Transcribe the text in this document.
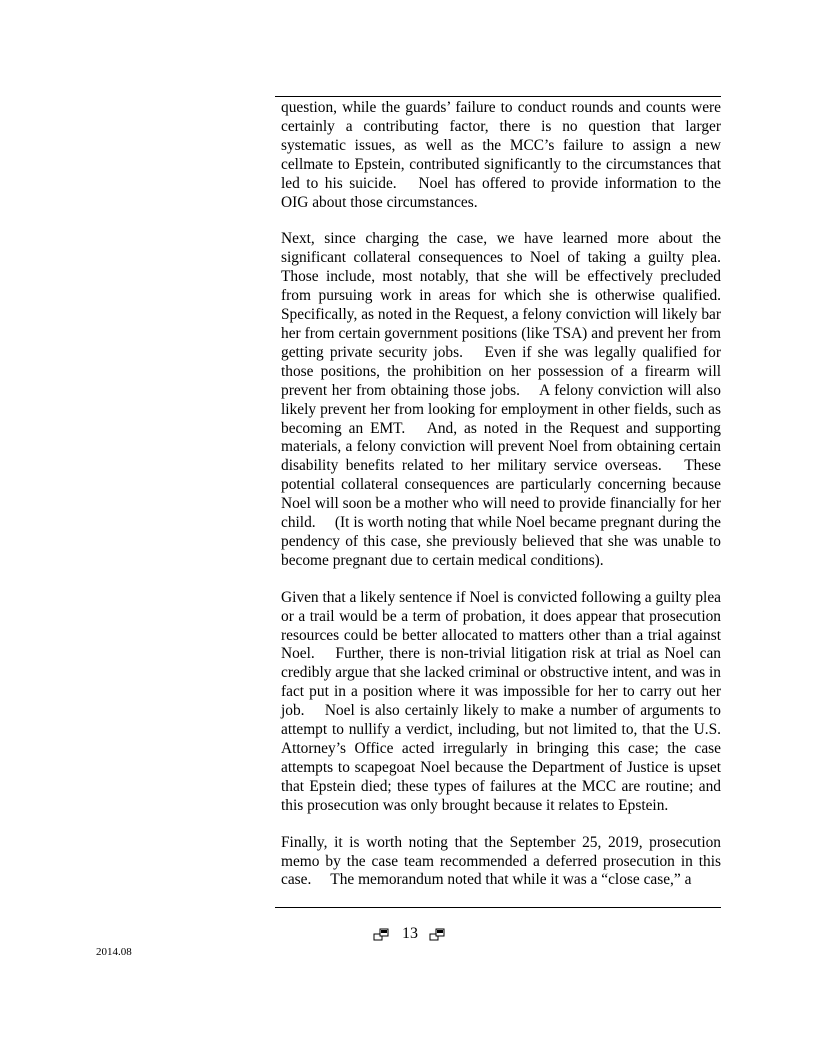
question, while the guards’ failure to conduct rounds and counts were certainly a contributing factor, there is no question that larger systematic issues, as well as the MCC’s failure to assign a new cellmate to Epstein, contributed significantly to the circumstances that led to his suicide.  Noel has offered to provide information to the OIG about those circumstances.

Next, since charging the case, we have learned more about the significant collateral consequences to Noel of taking a guilty plea. Those include, most notably, that she will be effectively precluded from pursuing work in areas for which she is otherwise qualified. Specifically, as noted in the Request, a felony conviction will likely bar her from certain government positions (like TSA) and prevent her from getting private security jobs.  Even if she was legally qualified for those positions, the prohibition on her possession of a firearm will prevent her from obtaining those jobs.  A felony conviction will also likely prevent her from looking for employment in other fields, such as becoming an EMT.  And, as noted in the Request and supporting materials, a felony conviction will prevent Noel from obtaining certain disability benefits related to her military service overseas.  These potential collateral consequences are particularly concerning because Noel will soon be a mother who will need to provide financially for her child.  (It is worth noting that while Noel became pregnant during the pendency of this case, she previously believed that she was unable to become pregnant due to certain medical conditions).

Given that a likely sentence if Noel is convicted following a guilty plea or a trail would be a term of probation, it does appear that prosecution resources could be better allocated to matters other than a trial against Noel.  Further, there is non-trivial litigation risk at trial as Noel can credibly argue that she lacked criminal or obstructive intent, and was in fact put in a position where it was impossible for her to carry out her job.  Noel is also certainly likely to make a number of arguments to attempt to nullify a verdict, including, but not limited to, that the U.S. Attorney’s Office acted irregularly in bringing this case; the case attempts to scapegoat Noel because the Department of Justice is upset that Epstein died; these types of failures at the MCC are routine; and this prosecution was only brought because it relates to Epstein.

Finally, it is worth noting that the September 25, 2019, prosecution memo by the case team recommended a deferred prosecution in this case.  The memorandum noted that while it was a “close case,” a

13
2014.08
